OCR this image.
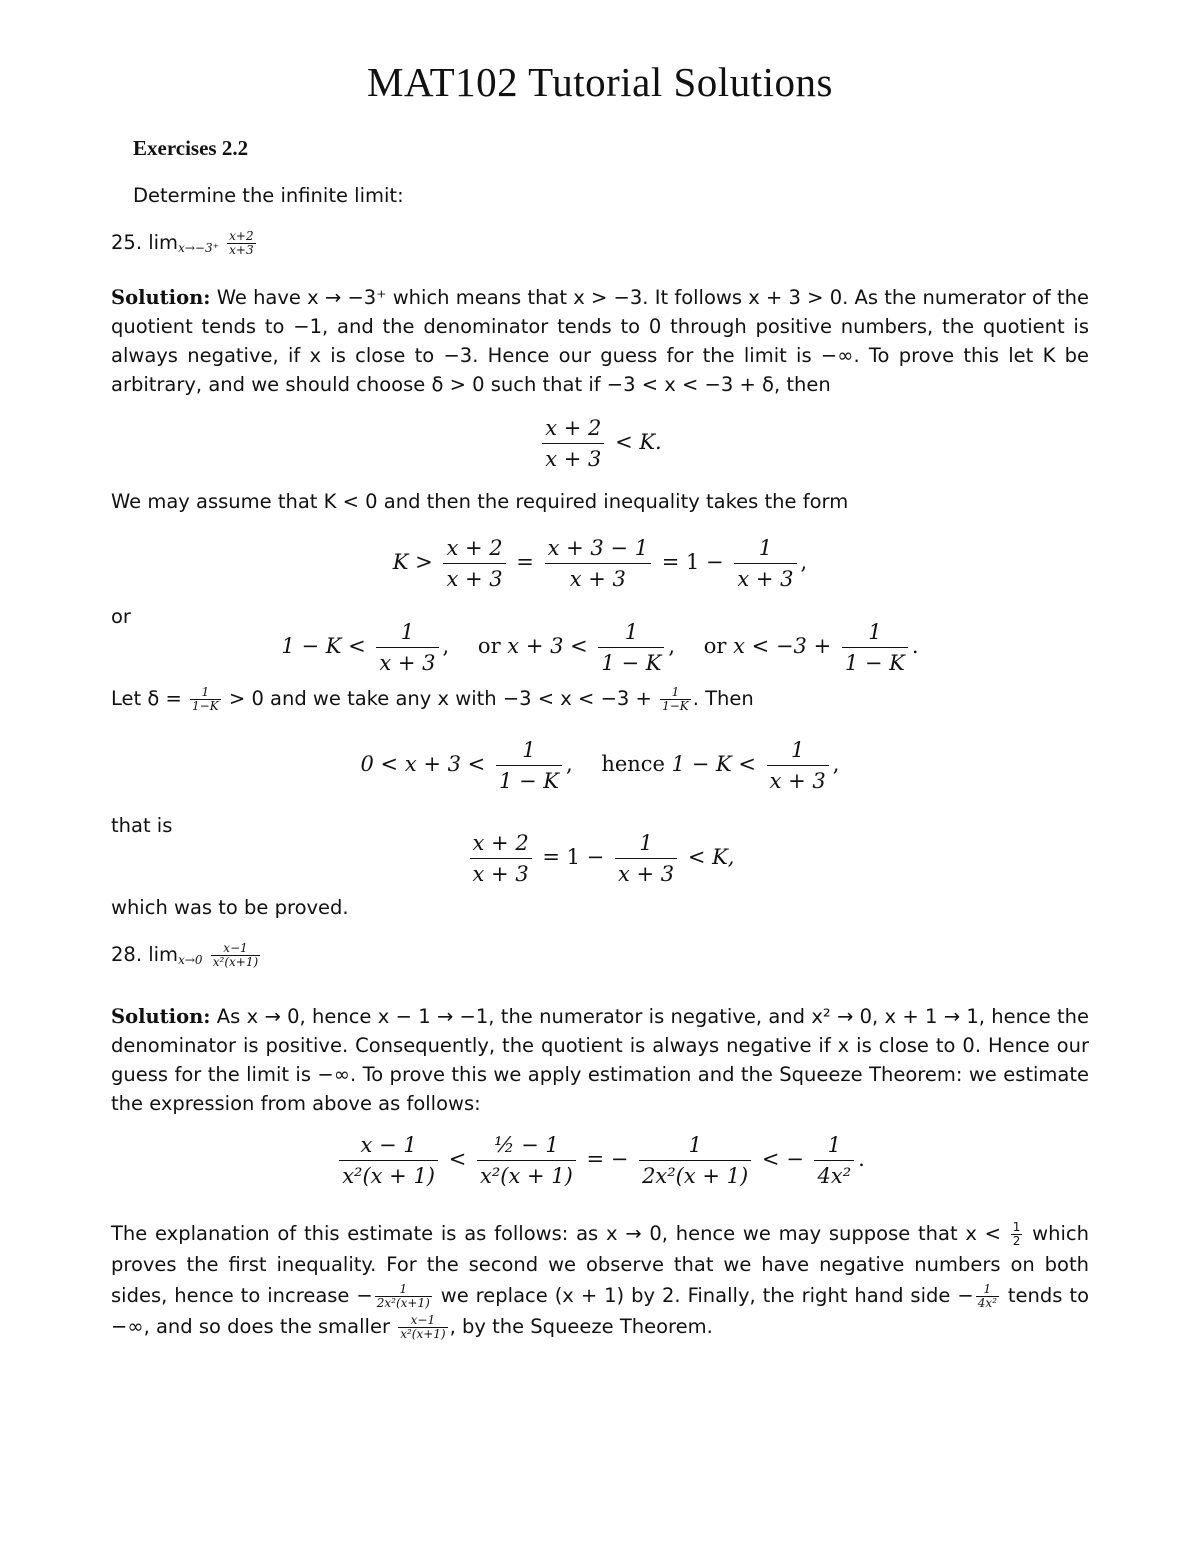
MAT102 Tutorial Solutions
Exercises 2.2
Determine the infinite limit:
25. $\lim_{x\to-3^+} \frac{x+2}{x+3}$
Solution: We have x → −3⁺ which means that x > −3. It follows x + 3 > 0. As the numerator of the quotient tends to −1, and the denominator tends to 0 through positive numbers, the quotient is always negative, if x is close to −3. Hence our guess for the limit is −∞. To prove this let K be arbitrary, and we should choose δ > 0 such that if −3 < x < −3 + δ, then
$\frac{x + 2}{x + 3} < K$.
We may assume that K < 0 and then the required inequality takes the form
$K > \frac{x + 2}{x + 3} = \frac{x + 3 - 1}{x + 3} = 1 - \frac{1}{x + 3}$ ,
or
$1 - K < \frac{1}{x + 3}$ , or $x + 3 < \frac{1}{1 - K}$ , or $x < -3 + \frac{1}{1 - K}$ .
Let $\delta = \frac{1}{1-K} > 0$ and we take any x with $-3 < x < -3 + \frac{1}{1-K}$ . Then
$0 < x + 3 < \frac{1}{1 - K}$ , hence $1 - K < \frac{1}{x + 3}$ ,
that is
$\frac{x + 2}{x + 3} = 1 - \frac{1}{x + 3} < K$,
which was to be proved.
28. $\lim_{x\to 0} \frac{x-1}{\text{x²(x+1)}}$
Solution: As x → 0, hence x − 1 → −1, the numerator is negative, and x² → 0, x + 1 → 1, hence the denominator is positive. Consequently, the quotient is always negative if x is close to 0. Hence our guess for the limit is −∞. To prove this we apply estimation and the Squeeze Theorem: we estimate the expression from above as follows:
$\frac{x - 1}{\text{x²(x + 1)}} < \frac{\text{½ − 1}}{\text{x²(x + 1)}}$ = − $\frac{1}{\text{2x²(x + 1)}}$ < − $\frac{1}{\text{4x²}}$ .
The explanation of this estimate is as follows: as x → 0, hence we may suppose that $x < \frac{1}{2}$ which proves the first inequality. For the second we observe that we have negative numbers on both sides, hence to increase − $\frac{1}{\text{2x²(x+1)}}$ we replace (x + 1) by 2. Finally, the right hand side − $\frac{1}{\text{4x²}}$ tends to −∞, and so does the smaller $\frac{x-1}{\text{x²(x+1)}}$ , by the Squeeze Theorem.
